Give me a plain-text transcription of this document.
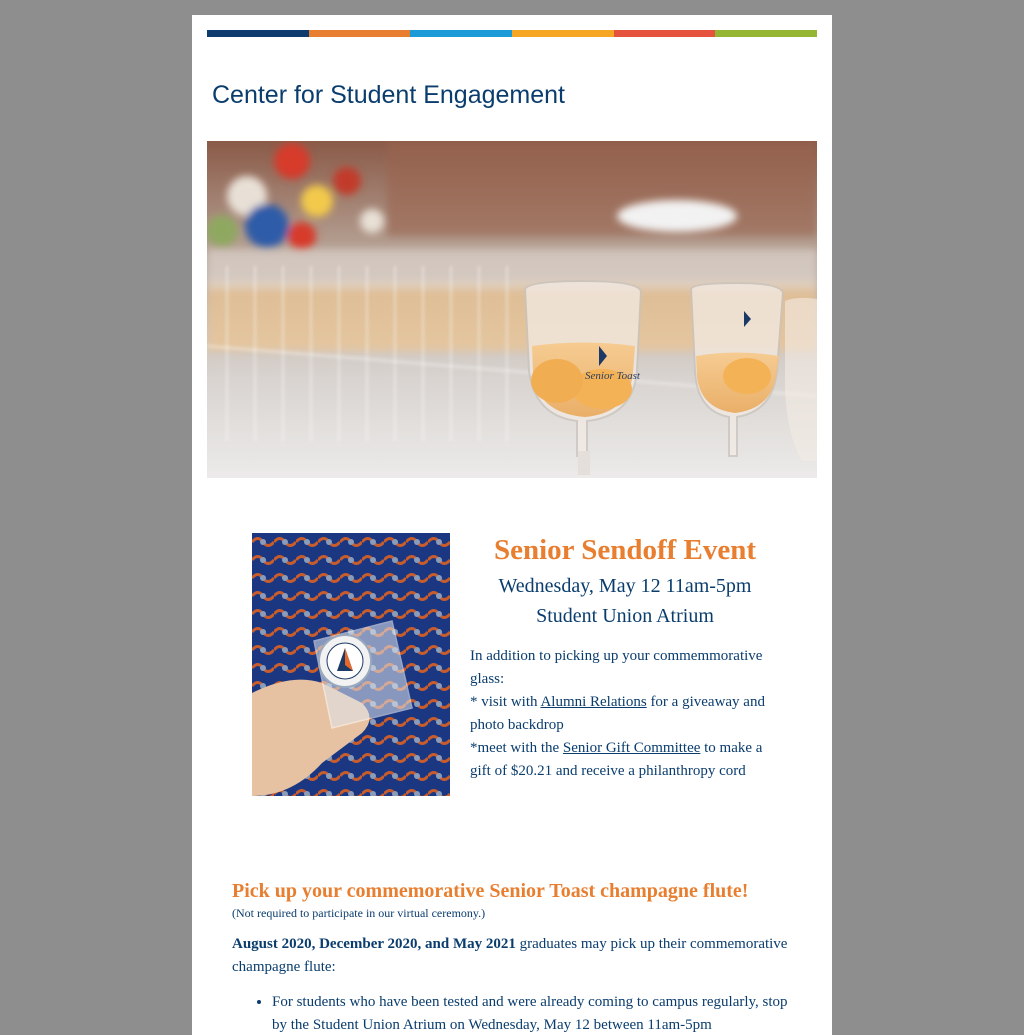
Center for Student Engagement
Senior Toast
Senior Sendoff Event

Wednesday, May 12 11am-5pm

Student Union Atrium

In addition to picking up your commemmorative glass:
* visit with Alumni Relations for a giveaway and photo backdrop
*meet with the Senior Gift Committee to make a gift of $20.21 and receive a philanthropy cord
Pick up your commemorative Senior Toast champagne flute!

(Not required to participate in our virtual ceremony.)

August 2020, December 2020, and May 2021 graduates may pick up their commemorative champagne flute:

• For students who have been tested and were already coming to campus regularly, stop by the Student Union Atrium on Wednesday, May 12 between 11am-5pm
